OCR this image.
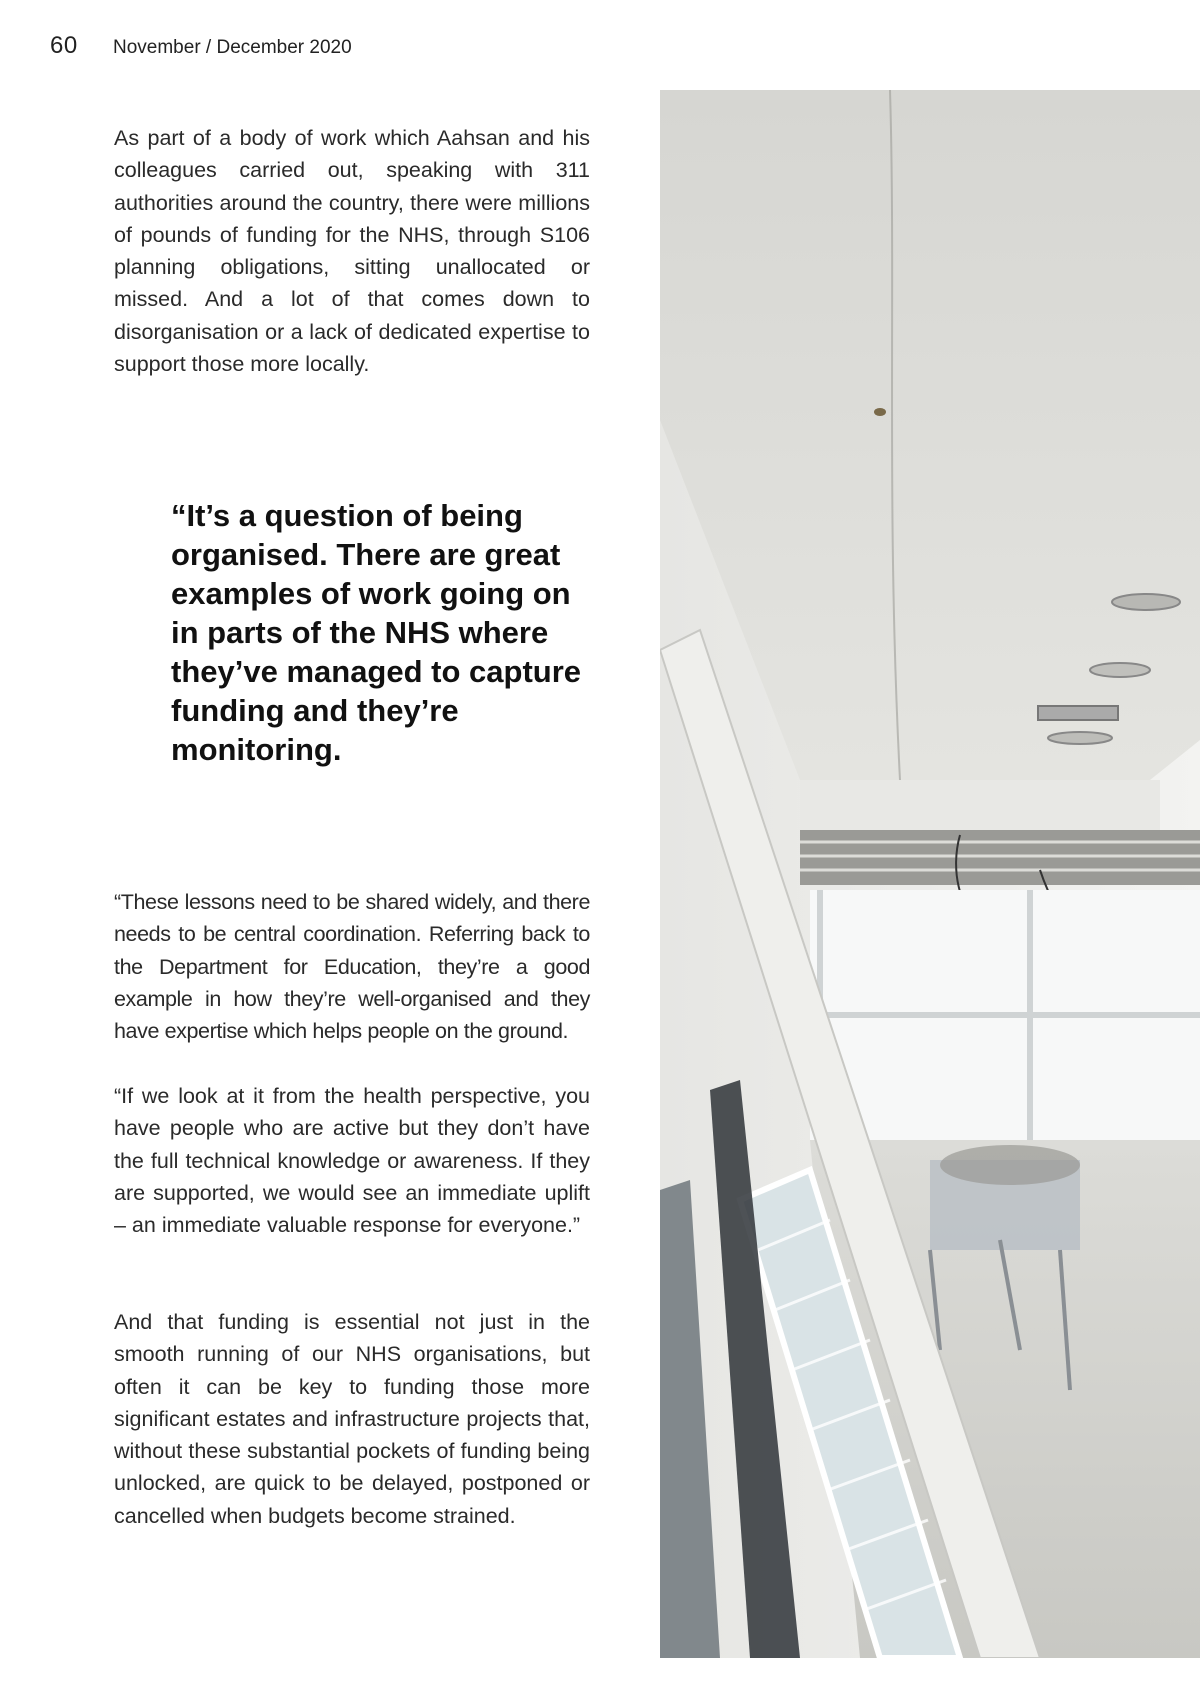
60 November / December 2020

As part of a body of work which Aahsan and his colleagues carried out, speaking with 311 authorities around the country, there were millions of pounds of funding for the NHS, through S106 planning obligations, sitting unallocated or missed. And a lot of that comes down to disorganisation or a lack of dedicated expertise to support those more locally.

“It’s a question of being organised. There are great examples of work going on in parts of the NHS where they’ve managed to capture funding and they’re monitoring.

“These lessons need to be shared widely, and there needs to be central coordination. Referring back to the Department for Education, they’re a good example in how they’re well-organised and they have expertise which helps people on the ground.

“If we look at it from the health perspective, you have people who are active but they don’t have the full technical knowledge or awareness. If they are supported, we would see an immediate uplift – an immediate valuable response for everyone.”

And that funding is essential not just in the smooth running of our NHS organisations, but often it can be key to funding those more significant estates and infrastructure projects that, without these substantial pockets of funding being unlocked, are quick to be delayed, postponed or cancelled when budgets become strained.
